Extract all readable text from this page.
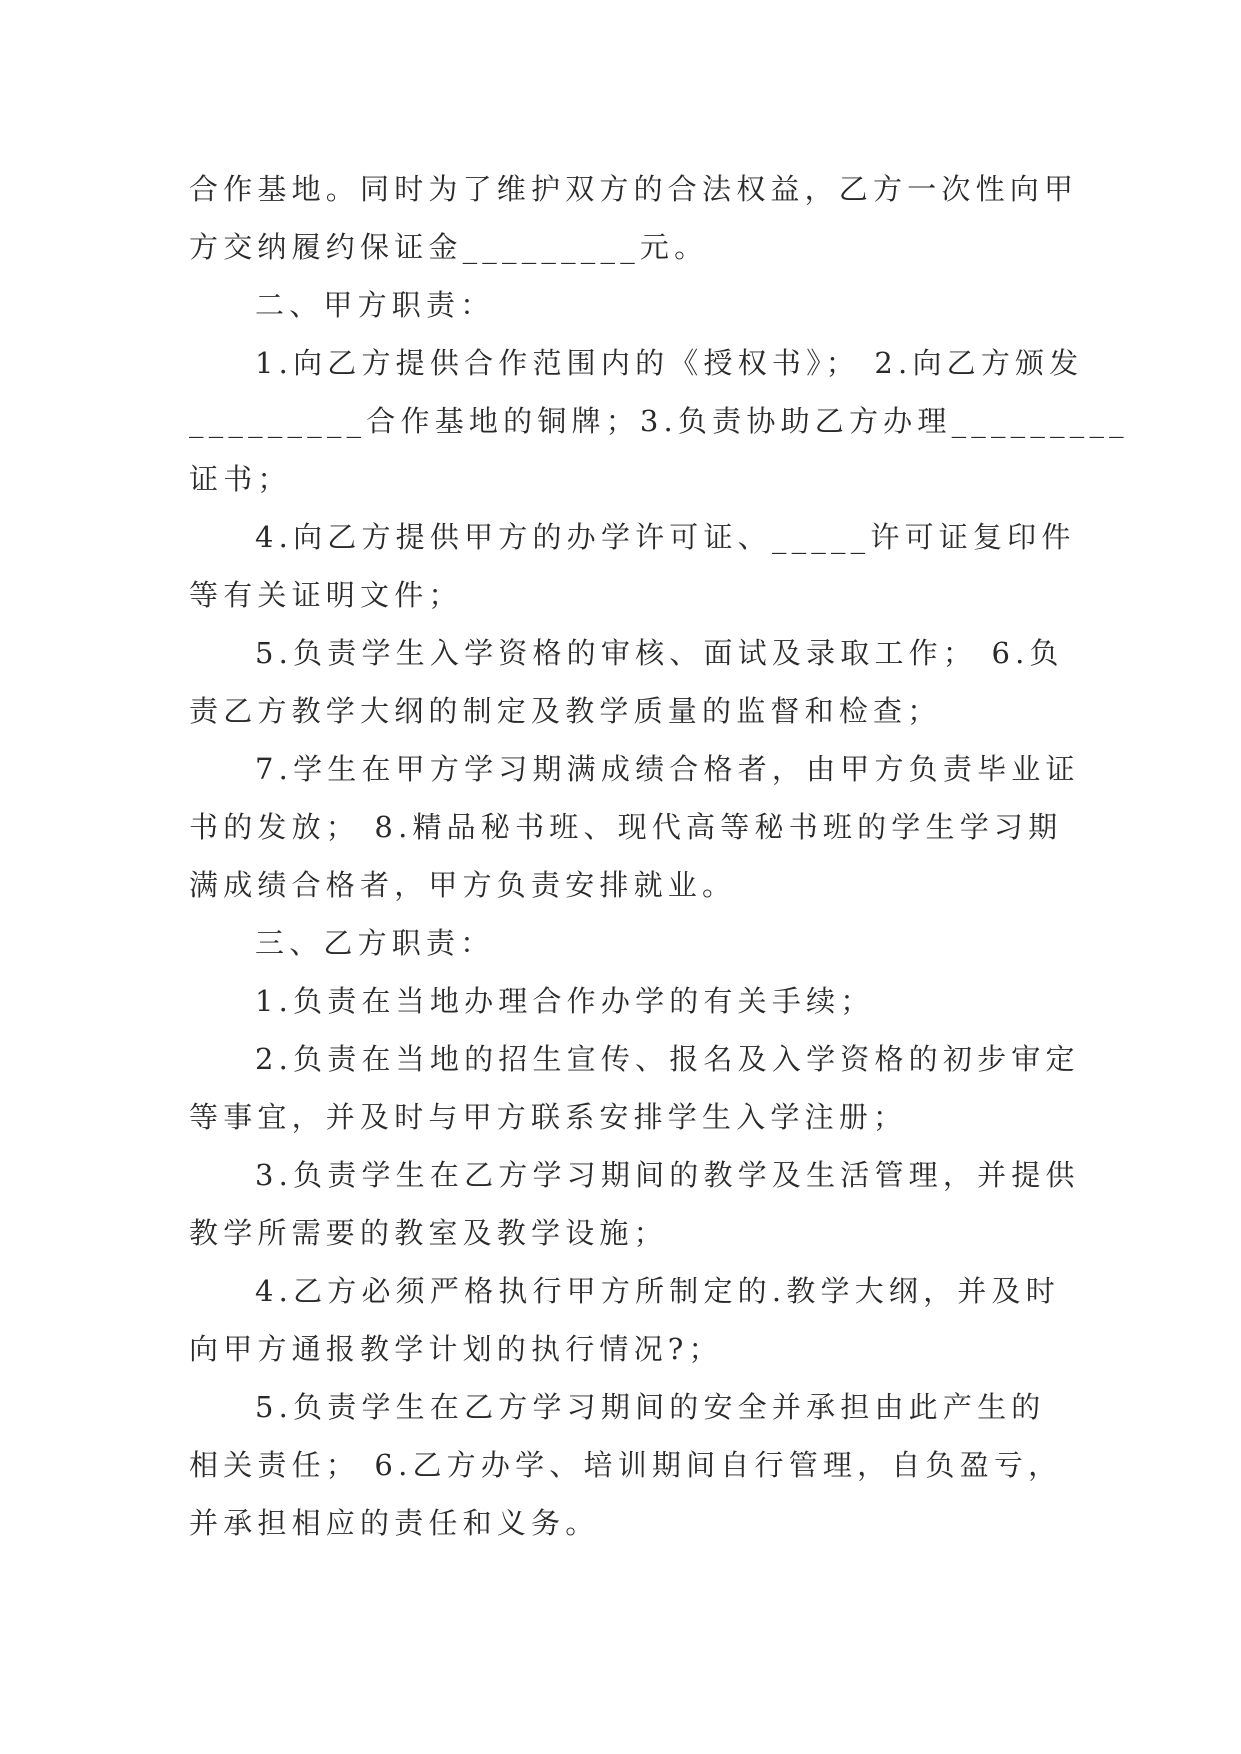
合作基地。同时为了维护双方的合法权益，乙方一次性向甲
方交纳履约保证金_________元。

二、甲方职责：

1.向乙方提供合作范围内的《授权书》； 2.向乙方颁发
_________合作基地的铜牌；3.负责协助乙方办理_________
证书；

4.向乙方提供甲方的办学许可证、_____许可证复印件
等有关证明文件；

5.负责学生入学资格的审核、面试及录取工作； 6.负
责乙方教学大纲的制定及教学质量的监督和检查；

7.学生在甲方学习期满成绩合格者，由甲方负责毕业证
书的发放； 8.精品秘书班、现代高等秘书班的学生学习期
满成绩合格者，甲方负责安排就业。

三、乙方职责：

1.负责在当地办理合作办学的有关手续；

2.负责在当地的招生宣传、报名及入学资格的初步审定
等事宜，并及时与甲方联系安排学生入学注册；

3.负责学生在乙方学习期间的教学及生活管理，并提供
教学所需要的教室及教学设施；

4.乙方必须严格执行甲方所制定的.教学大纲，并及时
向甲方通报教学计划的执行情况?；

5.负责学生在乙方学习期间的安全并承担由此产生的
相关责任； 6.乙方办学、培训期间自行管理，自负盈亏，
并承担相应的责任和义务。
